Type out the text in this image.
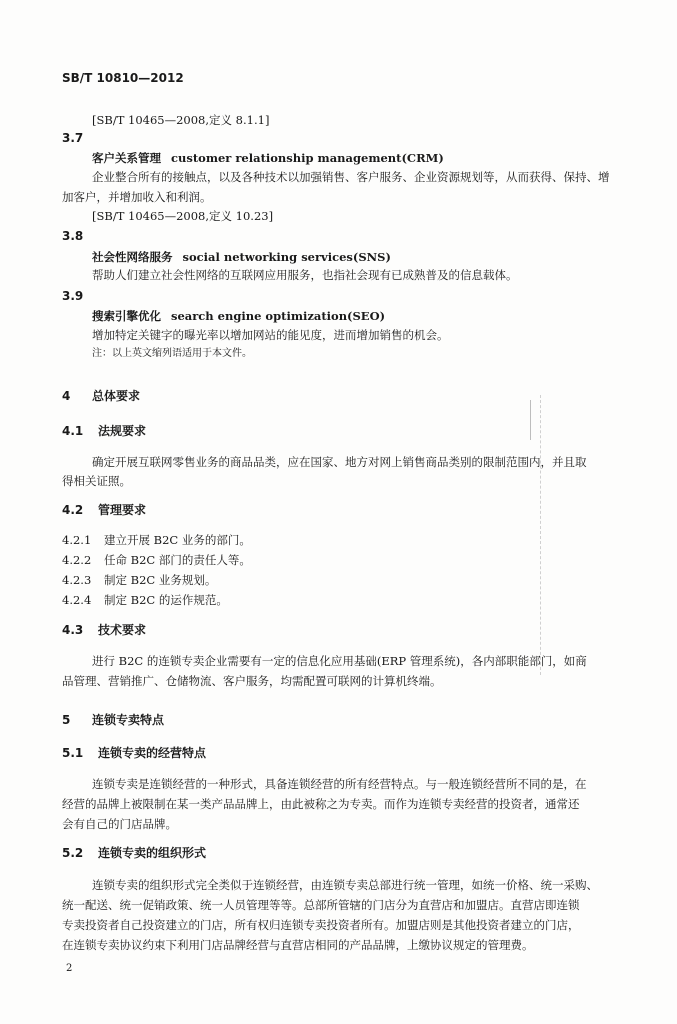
SB/T 10810—2012
[SB/T 10465—2008,定义 8.1.1]
3.7
客户关系管理 customer relationship management(CRM)
企业整合所有的接触点，以及各种技术以加强销售、客户服务、企业资源规划等，从而获得、保持、增
加客户，并增加收入和利润。
[SB/T 10465—2008,定义 10.23]
3.8
社会性网络服务 social networking services(SNS)
帮助人们建立社会性网络的互联网应用服务，也指社会现有已成熟普及的信息载体。
3.9
搜索引擎优化 search engine optimization(SEO)
增加特定关键字的曝光率以增加网站的能见度，进而增加销售的机会。
注：以上英文缩列语适用于本文件。
4 总体要求
4.1 法规要求
确定开展互联网零售业务的商品品类，应在国家、地方对网上销售商品类别的限制范围内，并且取
得相关证照。
4.2 管理要求
4.2.1 建立开展 B2C 业务的部门。
4.2.2 任命 B2C 部门的责任人等。
4.2.3 制定 B2C 业务规划。
4.2.4 制定 B2C 的运作规范。
4.3 技术要求
进行 B2C 的连锁专卖企业需要有一定的信息化应用基础(ERP 管理系统)，各内部职能部门，如商
品管理、营销推广、仓储物流、客户服务，均需配置可联网的计算机终端。
5 连锁专卖特点
5.1 连锁专卖的经营特点
连锁专卖是连锁经营的一种形式，具备连锁经营的所有经营特点。与一般连锁经营所不同的是，在
经营的品牌上被限制在某一类产品品牌上，由此被称之为专卖。而作为连锁专卖经营的投资者，通常还
会有自己的门店品牌。
5.2 连锁专卖的组织形式
连锁专卖的组织形式完全类似于连锁经营，由连锁专卖总部进行统一管理，如统一价格、统一采购、
统一配送、统一促销政策、统一人员管理等等。总部所管辖的门店分为直营店和加盟店。直营店即连锁
专卖投资者自己投资建立的门店，所有权归连锁专卖投资者所有。加盟店则是其他投资者建立的门店，
在连锁专卖协议约束下利用门店品牌经营与直营店相同的产品品牌，上缴协议规定的管理费。
2
